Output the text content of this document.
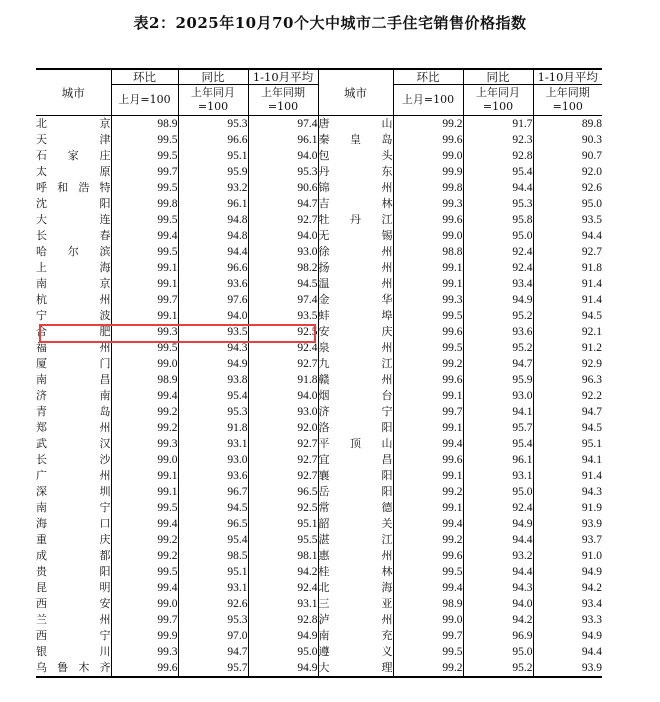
表2：2025年10月70个大中城市二手住宅销售价格指数
城市	环比	同比	1-10月平均	城市	环比	同比	1-10月平均
	上月=100	上年同月=100	上年同期=100		上月=100	上年同月=100	上年同期=100

北京	98.9	95.3	97.4	唐山	99.2	91.7	89.8
天津	99.5	96.6	96.1	秦皇岛	99.6	92.3	90.3
石家庄	99.5	95.1	94.0	包头	99.0	92.8	90.7
太原	99.7	95.9	95.3	丹东	99.9	95.4	92.0
呼和浩特	99.5	93.2	90.6	锦州	99.8	94.4	92.6
沈阳	99.8	96.1	94.7	吉林	99.3	95.3	95.0
大连	99.5	94.8	92.7	牡丹江	99.6	95.8	93.5
长春	99.4	94.8	94.0	无锡	99.0	95.0	94.4
哈尔滨	99.5	94.4	93.0	徐州	98.8	92.4	92.7
上海	99.1	96.6	98.2	扬州	99.1	92.4	91.8
南京	99.1	93.6	94.5	温州	99.1	93.4	91.4
杭州	99.7	97.6	97.4	金华	99.3	94.9	91.4
宁波	99.1	94.0	93.5	蚌埠	99.5	95.2	94.5
合肥	99.3	93.5	92.5	安庆	99.6	93.6	92.1
福州	99.5	94.3	92.4	泉州	99.5	95.2	91.2
厦门	99.0	94.9	92.7	九江	99.2	94.7	92.9
南昌	98.9	93.8	91.8	赣州	99.6	95.9	96.3
济南	99.4	95.4	94.0	烟台	99.1	93.0	92.2
青岛	99.2	95.3	93.0	济宁	99.7	94.1	94.7
郑州	99.2	91.8	92.0	洛阳	99.1	95.7	94.5
武汉	99.3	93.1	92.7	平顶山	99.4	95.4	95.1
长沙	99.0	93.0	92.7	宜昌	99.6	96.1	94.1
广州	99.1	93.6	92.7	襄阳	99.1	93.1	91.4
深圳	99.1	96.7	96.5	岳阳	99.2	95.0	94.3
南宁	99.5	94.5	92.5	常德	99.1	92.4	91.9
海口	99.4	96.5	95.1	韶关	99.4	94.9	93.9
重庆	99.2	95.4	95.5	湛江	99.2	94.4	93.7
成都	99.2	98.5	98.1	惠州	99.6	93.2	91.0
贵阳	99.5	95.1	94.2	桂林	99.5	94.4	94.9
昆明	99.4	93.1	92.4	北海	99.4	94.3	94.2
西安	99.0	92.6	93.1	三亚	98.9	94.0	93.4
兰州	99.7	95.3	92.8	泸州	99.0	94.2	93.3
西宁	99.9	97.0	94.9	南充	99.7	96.9	94.9
银川	99.3	94.7	95.0	遵义	99.5	95.0	94.4
乌鲁木齐	99.6	95.7	94.9	大理	99.2	95.2	93.9
